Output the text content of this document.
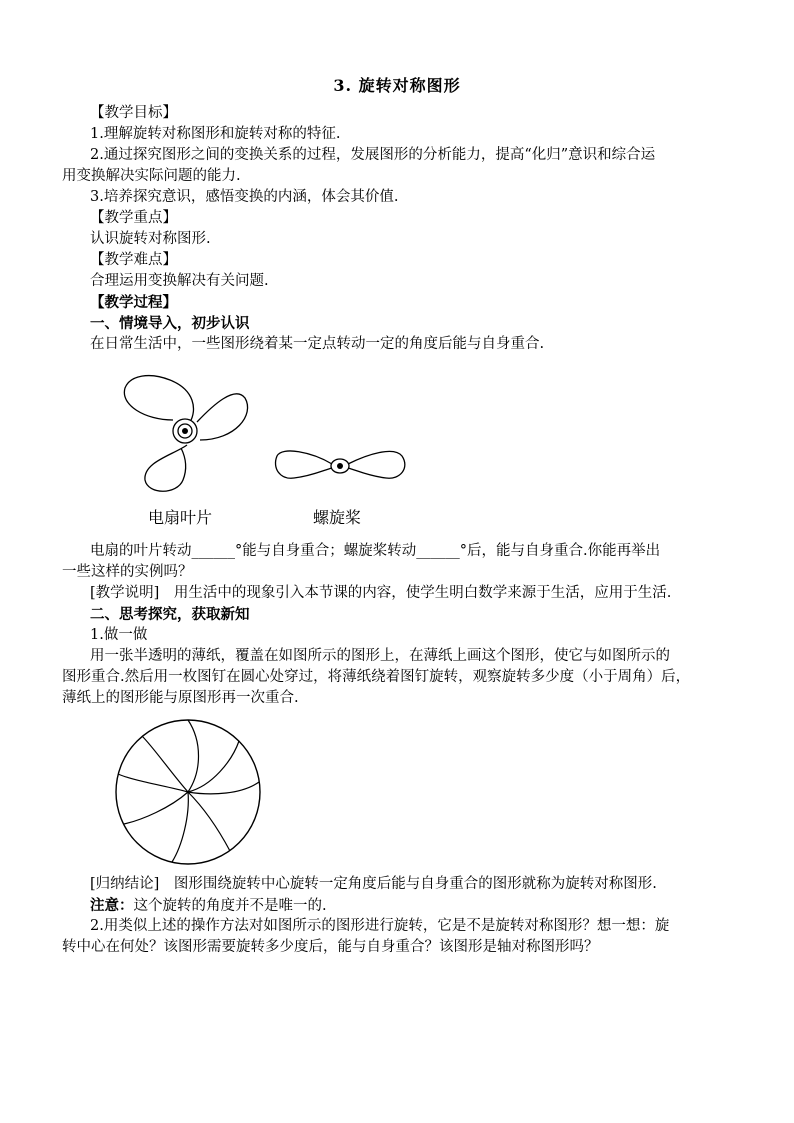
3. 旋转对称图形
【教学目标】
1.理解旋转对称图形和旋转对称的特征.
2.通过探究图形之间的变换关系的过程，发展图形的分析能力，提高“化归”意识和综合运
用变换解决实际问题的能力.
3.培养探究意识，感悟变换的内涵，体会其价值.
【教学重点】
认识旋转对称图形.
【教学难点】
合理运用变换解决有关问题.
【教学过程】
一、情境导入，初步认识
在日常生活中，一些图形绕着某一定点转动一定的角度后能与自身重合.
电扇叶片	螺旋桨
电扇的叶片转动______°能与自身重合；螺旋桨转动______°后，能与自身重合.你能再举出
一些这样的实例吗？
[教学说明]　用生活中的现象引入本节课的内容，使学生明白数学来源于生活，应用于生活.
二、思考探究，获取新知
1.做一做
用一张半透明的薄纸，覆盖在如图所示的图形上，在薄纸上画这个图形，使它与如图所示的
图形重合.然后用一枚图钉在圆心处穿过，将薄纸绕着图钉旋转，观察旋转多少度（小于周角）后，
薄纸上的图形能与原图形再一次重合.
[归纳结论]　图形围绕旋转中心旋转一定角度后能与自身重合的图形就称为旋转对称图形.
注意：这个旋转的角度并不是唯一的.
2.用类似上述的操作方法对如图所示的图形进行旋转，它是不是旋转对称图形？想一想：旋
转中心在何处？该图形需要旋转多少度后，能与自身重合？该图形是轴对称图形吗？
